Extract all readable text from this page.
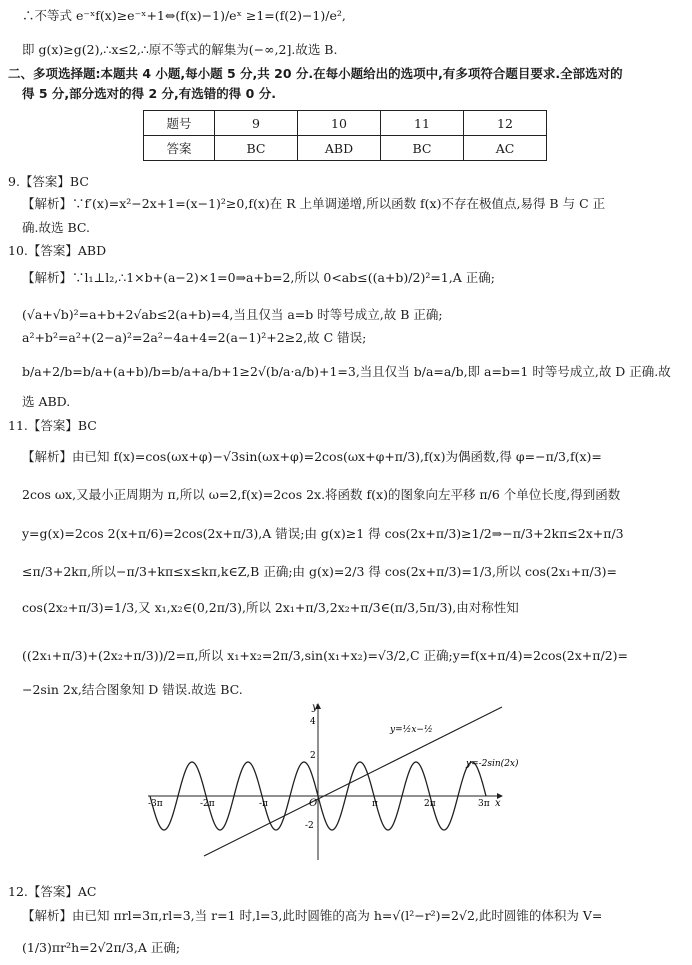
∴不等式 e⁻ˣf(x)≥e⁻ˣ+1⇔(f(x)−1)/eˣ ≥1=(f(2)−1)/e²,
即 g(x)≥g(2),∴x≤2,∴原不等式的解集为(−∞,2].故选 B.
二、多项选择题:本题共 4 小题,每小题 5 分,共 20 分.在每小题给出的选项中,有多项符合题目要求.全部选对的
得 5 分,部分选对的得 2 分,有选错的得 0 分.
题号	9	10	11	12
答案	BC	ABD	BC	AC
9.【答案】BC
【解析】∵f′(x)=x²−2x+1=(x−1)²≥0,f(x)在 R 上单调递增,所以函数 f(x)不存在极值点,易得 B 与 C 正
确.故选 BC.
10.【答案】ABD
【解析】∵l₁⊥l₂,∴1×b+(a−2)×1=0⇒a+b=2,所以 0<ab≤((a+b)/2)²=1,A 正确;
(√a+√b)²=a+b+2√ab≤2(a+b)=4,当且仅当 a=b 时等号成立,故 B 正确;
a²+b²=a²+(2−a)²=2a²−4a+4=2(a−1)²+2≥2,故 C 错误;
b/a+2/b=b/a+(a+b)/b=b/a+a/b+1≥2√(b/a·a/b)+1=3,当且仅当 b/a=a/b,即 a=b=1 时等号成立,故 D 正确.故
选 ABD.
11.【答案】BC
【解析】由已知 f(x)=cos(ωx+φ)−√3sin(ωx+φ)=2cos(ωx+φ+π/3),f(x)为偶函数,得 φ=−π/3,f(x)=
2cos ωx,又最小正周期为 π,所以 ω=2,f(x)=2cos 2x.将函数 f(x)的图象向左平移 π/6 个单位长度,得到函数
y=g(x)=2cos 2(x+π/6)=2cos(2x+π/3),A 错误;由 g(x)≥1 得 cos(2x+π/3)≥1/2⇒−π/3+2kπ≤2x+π/3
≤π/3+2kπ,所以−π/3+kπ≤x≤kπ,k∈Z,B 正确;由 g(x)=2/3 得 cos(2x+π/3)=1/3,所以 cos(2x₁+π/3)=
cos(2x₂+π/3)=1/3,又 x₁,x₂∈(0,2π/3),所以 2x₁+π/3,2x₂+π/3∈(π/3,5π/3),由对称性知
((2x₁+π/3)+(2x₂+π/3))/2=π,所以 x₁+x₂=2π/3,sin(x₁+x₂)=√3/2,C 正确;y=f(x+π/4)=2cos(2x+π/2)=
−2sin 2x,结合图象知 D 错误.故选 BC.
y
x
O
-3π	-2π	-π	π	2π	3π
4
2
-2
y=½x−½
y=-2sin(2x)
12.【答案】AC
【解析】由已知 πrl=3π,rl=3,当 r=1 时,l=3,此时圆锥的高为 h=√(l²−r²)=2√2,此时圆锥的体积为 V=
(1/3)πr²h=2√2π/3,A 正确;
